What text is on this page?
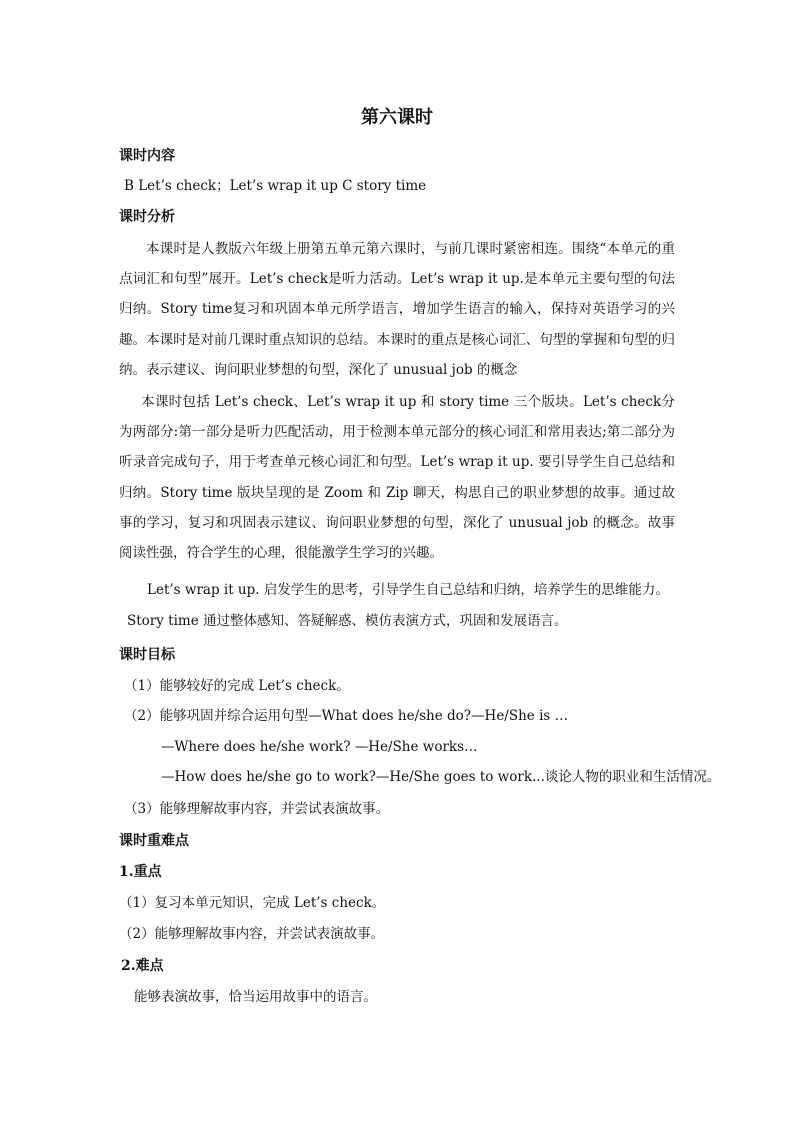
第六课时
课时内容
B Let’s check；Let’s wrap it up C story time
课时分析
本课时是人教版六年级上册第五单元第六课时，与前几课时紧密相连。围绕“本单元的重点词汇和句型”展开。Let’s check是听力活动。Let’s wrap it up.是本单元主要句型的句法归纳。Story time复习和巩固本单元所学语言，增加学生语言的输入，保持对英语学习的兴趣。本课时是对前几课时重点知识的总结。本课时的重点是核心词汇、句型的掌握和句型的归纳。表示建议、询问职业梦想的句型，深化了 unusual job 的概念
本课时包括 Let’s check、Let’s wrap it up 和 story time 三个版块。Let’s check分为两部分:第一部分是听力匹配活动，用于检测本单元部分的核心词汇和常用表达;第二部分为听录音完成句子，用于考查单元核心词汇和句型。Let’s wrap it up. 要引导学生自己总结和归纳。Story time 版块呈现的是 Zoom 和 Zip 聊天，构思自己的职业梦想的故事。通过故事的学习，复习和巩固表示建议、询问职业梦想的句型，深化了 unusual job 的概念。故事阅读性强，符合学生的心理，很能激学生学习的兴趣。
Let’s wrap it up. 启发学生的思考，引导学生自己总结和归纳，培养学生的思维能力。
Story time 通过整体感知、答疑解惑、模仿表演方式，巩固和发展语言。
课时目标
（1）能够较好的完成 Let’s check。
（2）能够巩固并综合运用句型—What does he/she do?—He/She is …
—Where does he/she work? —He/She works…
—How does he/she go to work?—He/She goes to work...谈论人物的职业和生活情况。
（3）能够理解故事内容，并尝试表演故事。
课时重难点
1.重点
（1）复习本单元知识，完成 Let’s check。
（2）能够理解故事内容，并尝试表演故事。
2.难点
能够表演故事，恰当运用故事中的语言。
